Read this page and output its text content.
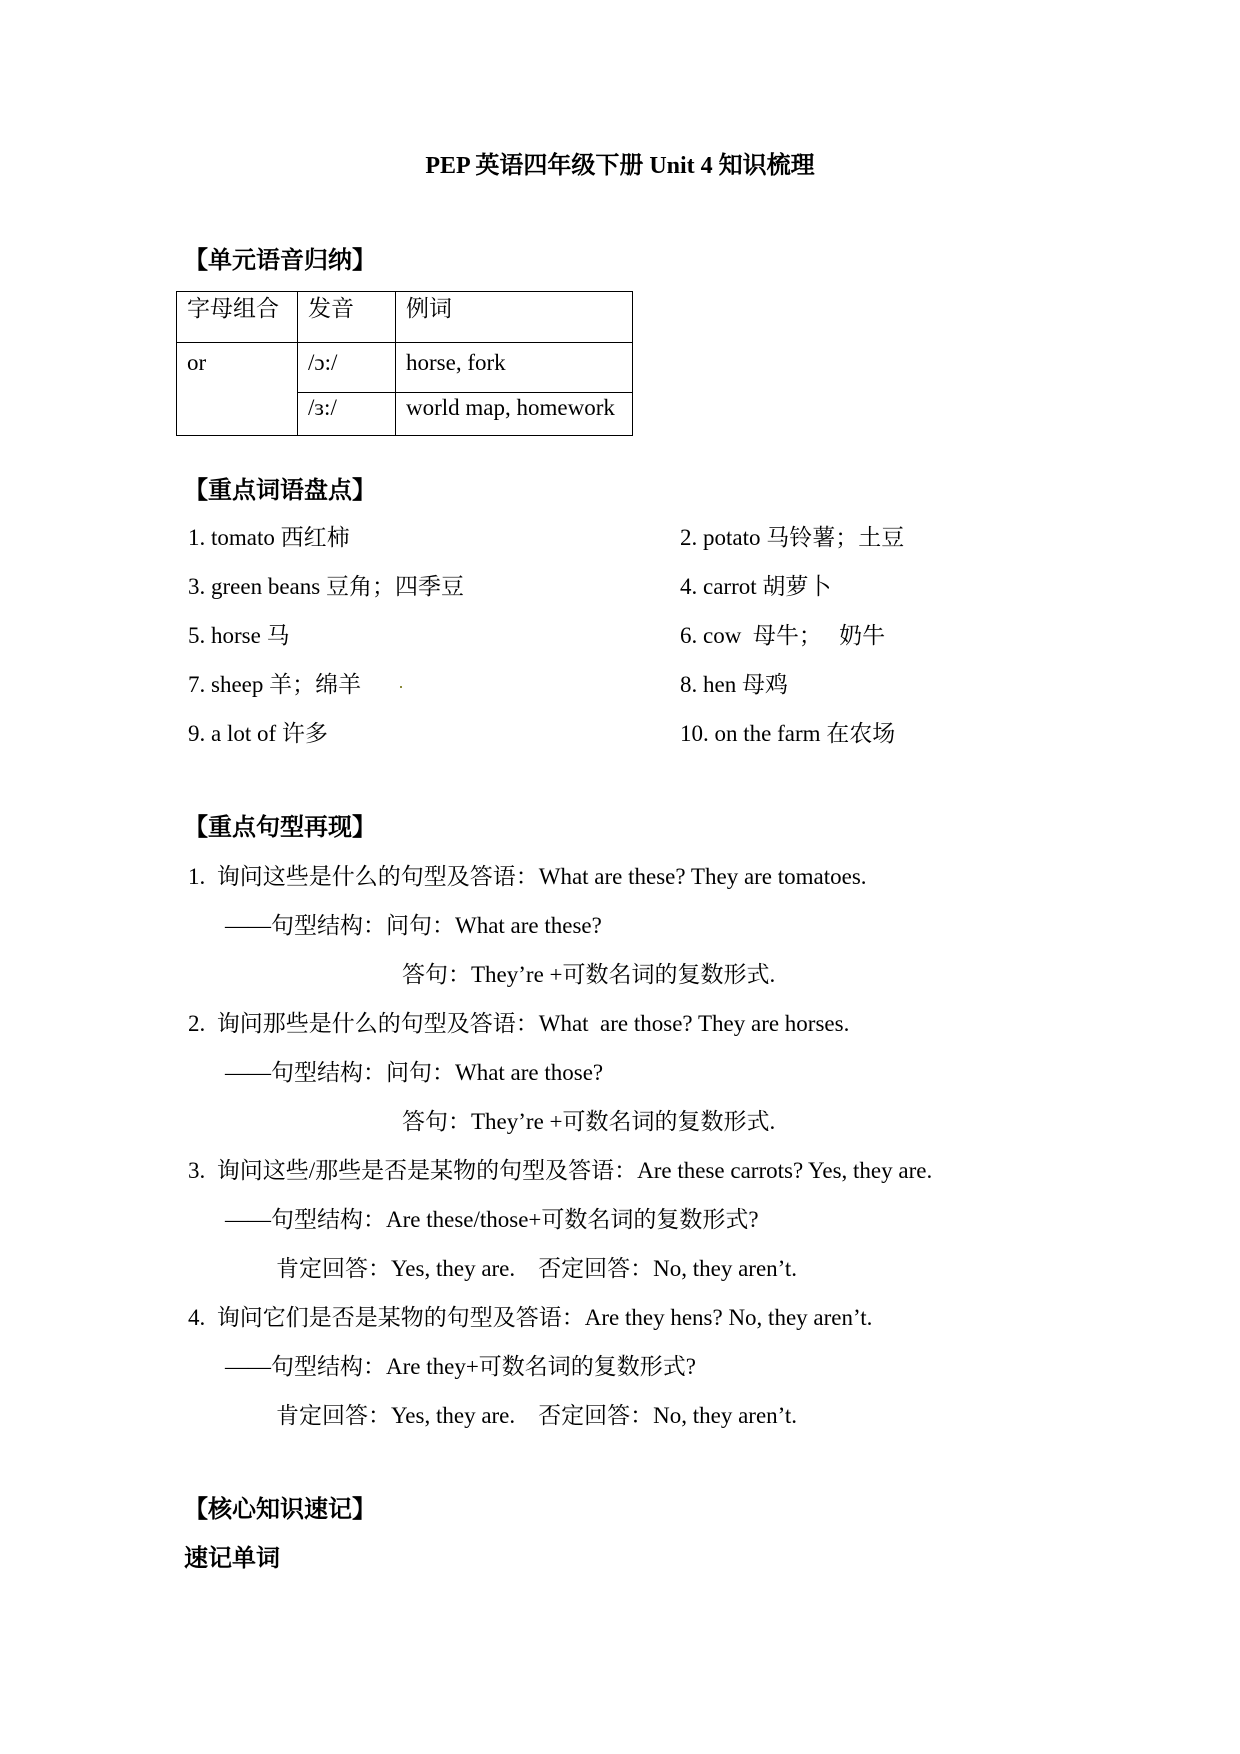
PEP 英语四年级下册 Unit 4 知识梳理
【单元语音归纳】
字母组合	发音	例词
or	/ɔ:/	horse, fork
	/ɜ:/	world map, homework
【重点词语盘点】
1. tomato 西红柿	2. potato 马铃薯；土豆
3. green beans 豆角；四季豆	4. carrot 胡萝卜
5. horse 马	6. cow  母牛；   奶牛
7. sheep 羊；绵羊	8. hen 母鸡
9. a lot of 许多	10. on the farm 在农场
【重点句型再现】
1.  询问这些是什么的句型及答语：What are these? They are tomatoes.
——句型结构：问句：What are these?
答句：They’re +可数名词的复数形式.
2.  询问那些是什么的句型及答语：What  are those? They are horses.
——句型结构：问句：What are those?
答句：They’re +可数名词的复数形式.
3.  询问这些/那些是否是某物的句型及答语：Are these carrots? Yes, they are.
——句型结构：Are these/those+可数名词的复数形式?
肯定回答：Yes, they are.    否定回答：No, they aren’t.
4.  询问它们是否是某物的句型及答语：Are they hens? No, they aren’t.
——句型结构：Are they+可数名词的复数形式?
肯定回答：Yes, they are.    否定回答：No, they aren’t.
【核心知识速记】
速记单词
